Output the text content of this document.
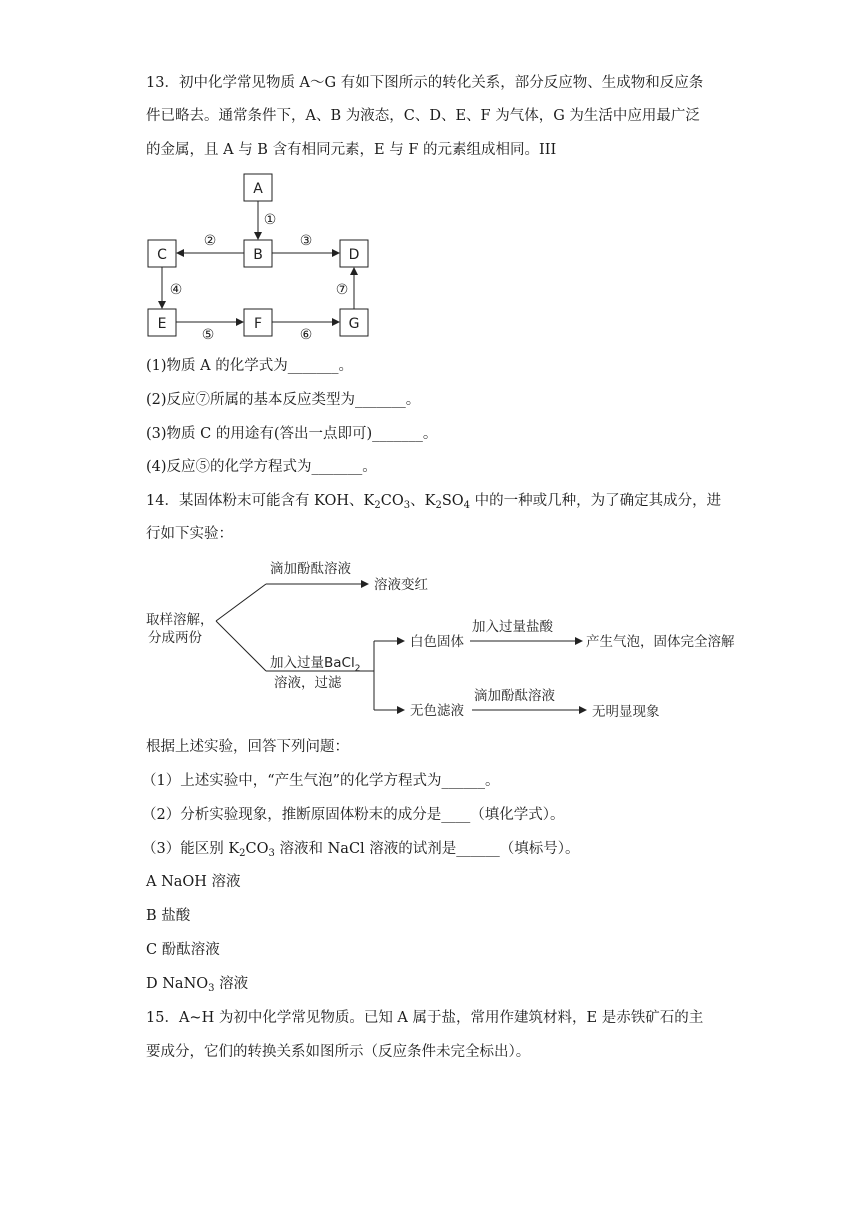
13．初中化学常见物质 A～G 有如下图所示的转化关系，部分反应物、生成物和反应条
件已略去。通常条件下，A、B 为液态，C、D、E、F 为气体，G 为生活中应用最广泛
的金属，且 A 与 B 含有相同元素，E 与 F 的元素组成相同。III
A
B
C	D
E	F	G
①
②	③
④
⑤	⑥
⑦
(1)物质 A 的化学式为_______。
(2)反应⑦所属的基本反应类型为_______。
(3)物质 C 的用途有(答出一点即可)_______。
(4)反应⑤的化学方程式为_______。
14．某固体粉末可能含有 KOH、$K_2CO_3$、$K_2SO_4$ 中的一种或几种，为了确定其成分，进
行如下实验：
取样溶解，
分成两份
滴加酚酞溶液
溶液变红
加入过量BaCl$_2$
溶液，过滤
白色固体
加入过量盐酸
产生气泡，固体完全溶解
无色滤液
滴加酚酞溶液
无明显现象
根据上述实验，回答下列问题：
（1）上述实验中，“产生气泡”的化学方程式为______。
（2）分析实验现象，推断原固体粉末的成分是____（填化学式）。
（3）能区别 $K_2CO_3$ 溶液和 NaCl 溶液的试剂是______（填标号）。
A NaOH 溶液
B 盐酸
C 酚酞溶液
D NaNO$_3$ 溶液
15．A~H 为初中化学常见物质。已知 A 属于盐，常用作建筑材料，E 是赤铁矿石的主
要成分，它们的转换关系如图所示（反应条件未完全标出）。
